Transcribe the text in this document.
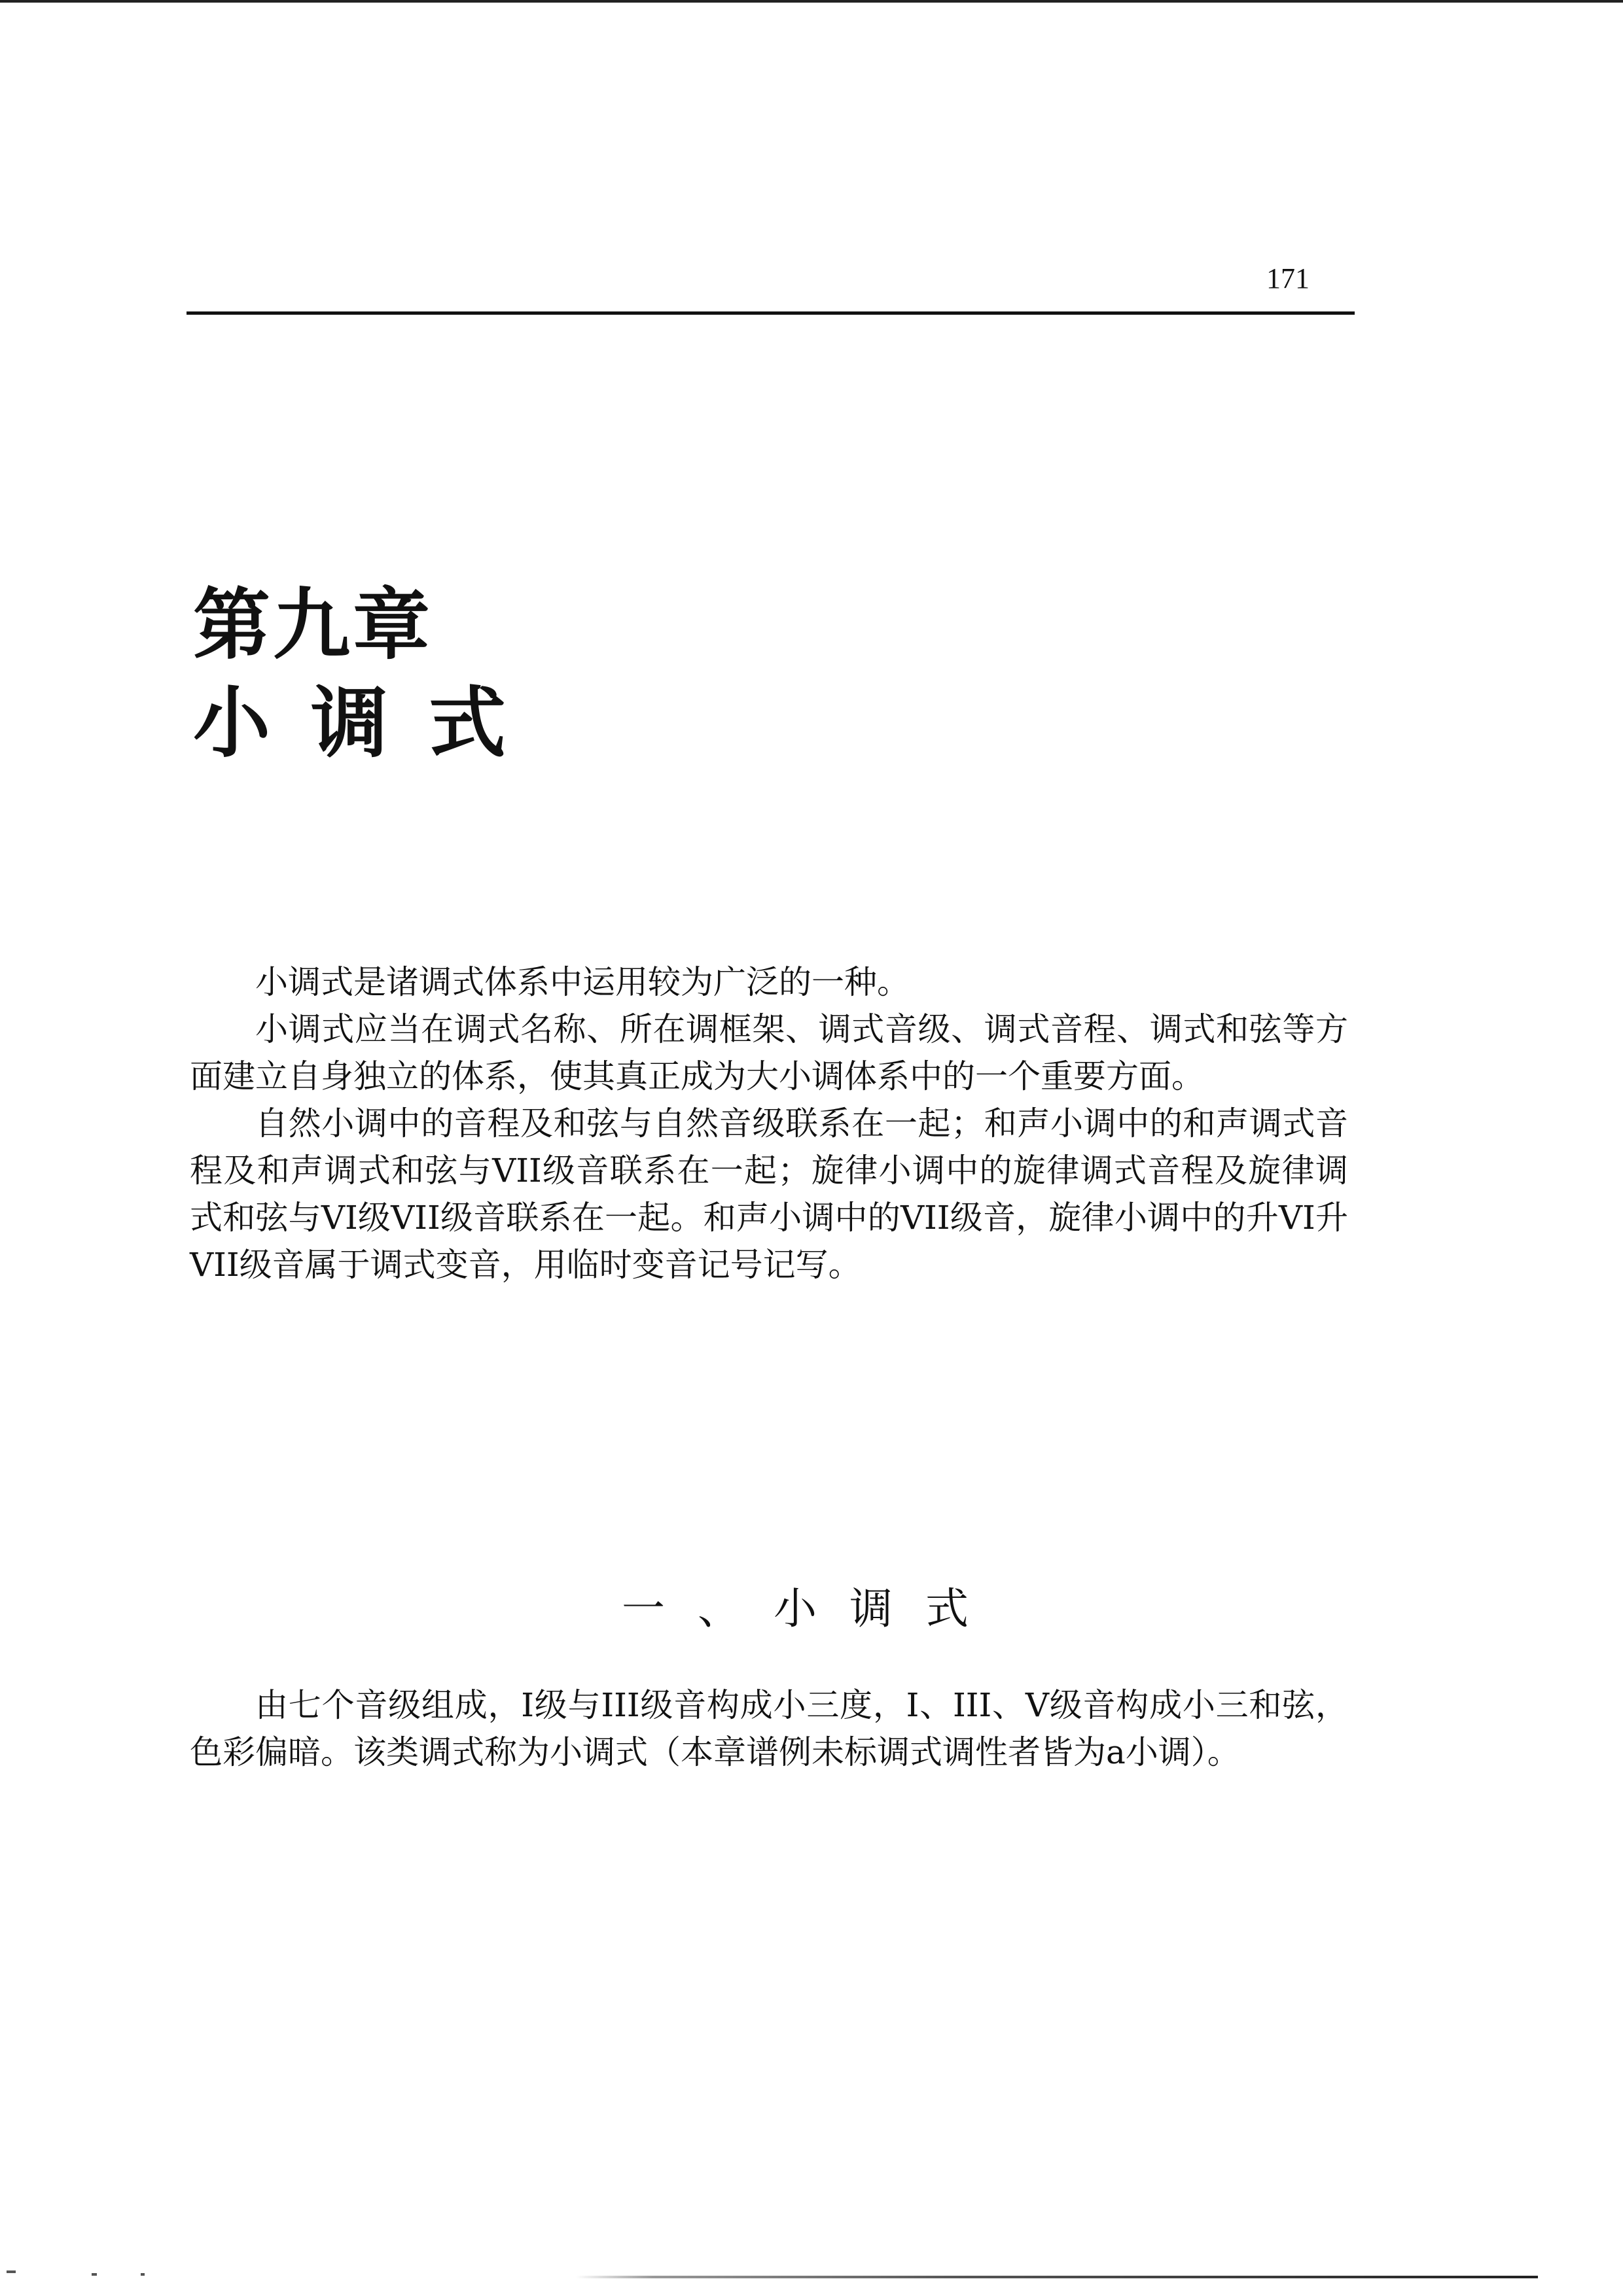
171
第九章
小调式

小调式是诸调式体系中运用较为广泛的一种。

小调式应当在调式名称、所在调框架、调式音级、调式音程、调式和弦等方面建立自身独立的体系，使其真正成为大小调体系中的一个重要方面。

自然小调中的音程及和弦与自然音级联系在一起；和声小调中的和声调式音程及和声调式和弦与VII级音联系在一起；旋律小调中的旋律调式音程及旋律调式和弦与VI级VII级音联系在一起。和声小调中的VII级音，旋律小调中的升VI升VII级音属于调式变音，用临时变音记号记写。

一、小调式

由七个音级组成，I级与III级音构成小三度，I、III、V级音构成小三和弦，色彩偏暗。该类调式称为小调式（本章谱例未标调式调性者皆为a小调）。
